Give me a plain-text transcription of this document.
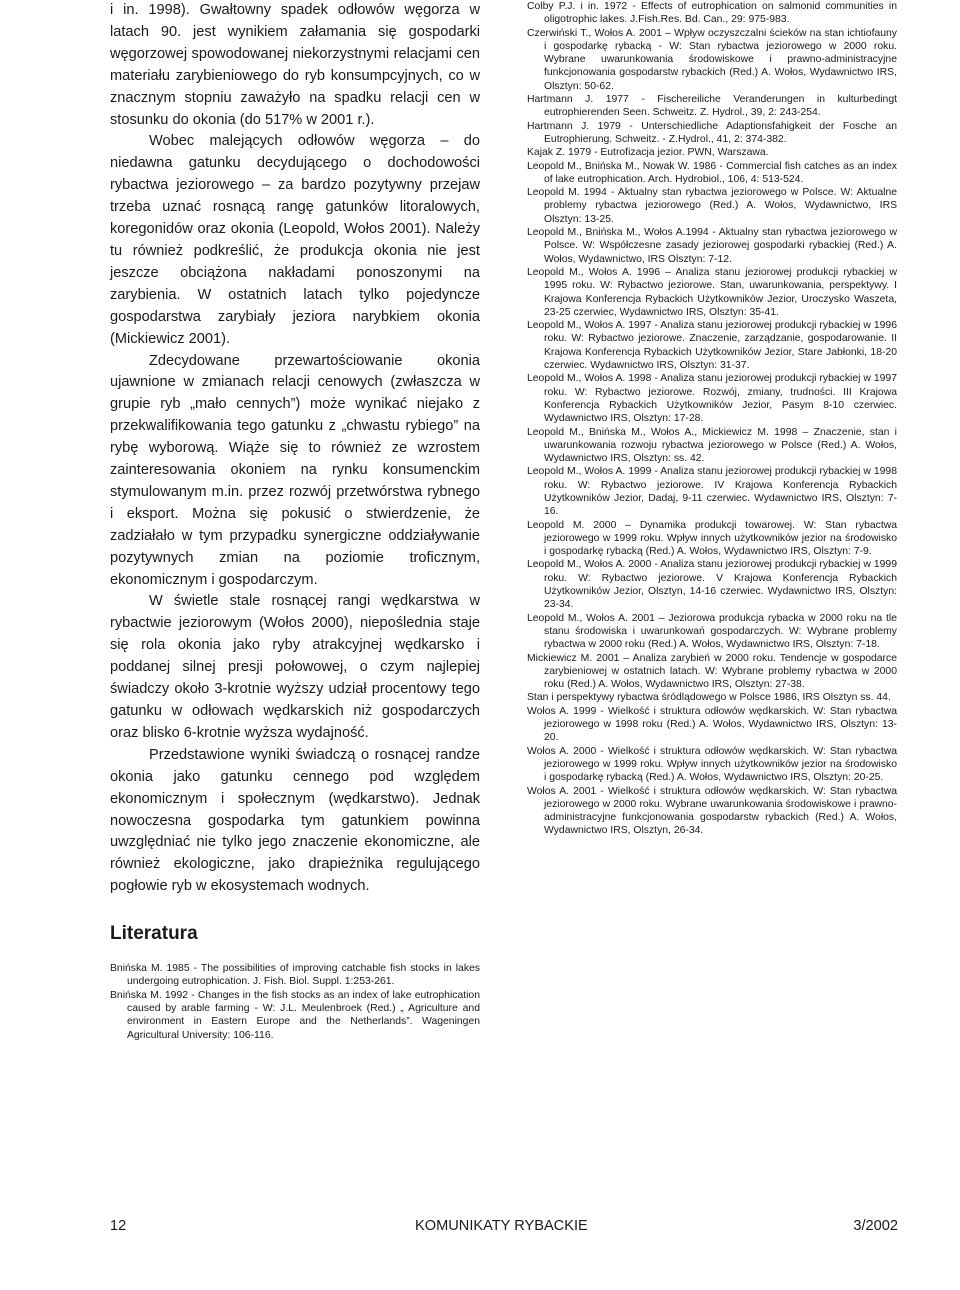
i in. 1998). Gwałtowny spadek odłowów węgorza w latach 90. jest wynikiem załamania się gospodarki węgorzowej spowodowanej niekorzystnymi relacjami cen materiału zarybieniowego do ryb konsumpcyjnych, co w znacznym stopniu zaważyło na spadku relacji cen w stosunku do okonia (do 517% w 2001 r.).

Wobec malejących odłowów węgorza – do niedawna gatunku decydującego o dochodowości rybactwa jeziorowego – za bardzo pozytywny przejaw trzeba uznać rosnącą rangę gatunków litoralowych, koregonidów oraz okonia (Leopold, Wołos 2001). Należy tu również podkreślić, że produkcja okonia nie jest jeszcze obciążona nakładami ponoszonymi na zarybienia. W ostatnich latach tylko pojedyncze gospodarstwa zarybiały jeziora narybkiem okonia (Mickiewicz 2001).

Zdecydowane przewartościowanie okonia ujawnione w zmianach relacji cenowych (zwłaszcza w grupie ryb „mało cennych”) może wynikać niejako z przekwalifikowania tego gatunku z „chwastu rybiego” na rybę wyborową. Wiąże się to również ze wzrostem zainteresowania okoniem na rynku konsumenckim stymulowanym m.in. przez rozwój przetwórstwa rybnego i eksport. Można się pokusić o stwierdzenie, że zadziałało w tym przypadku synergiczne oddziaływanie pozytywnych zmian na poziomie troficznym, ekonomicznym i gospodarczym.

W świetle stale rosnącej rangi wędkarstwa w rybactwie jeziorowym (Wołos 2000), niepoślednia staje się rola okonia jako ryby atrakcyjnej wędkarsko i poddanej silnej presji połowowej, o czym najlepiej świadczy około 3-krotnie wyższy udział procentowy tego gatunku w odłowach wędkarskich niż gospodarczych oraz blisko 6-krotnie wyższa wydajność.

Przedstawione wyniki świadczą o rosnącej randze okonia jako gatunku cennego pod względem ekonomicznym i społecznym (wędkarstwo). Jednak nowoczesna gospodarka tym gatunkiem powinna uwzględniać nie tylko jego znaczenie ekonomiczne, ale również ekologiczne, jako drapieżnika regulującego pogłowie ryb w ekosystemach wodnych.

Literatura

Bnińska M. 1985 - The possibilities of improving catchable fish stocks in lakes undergoing eutrophication. J. Fish. Biol. Suppl. 1:253-261.

Bnińska M. 1992 - Changes in the fish stocks as an index of lake eutrophication caused by arable farming - W: J.L. Meulenbroek (Red.) „ Agriculture and environment in Eastern Europe and the Netherlands”. Wageningen Agricultural University: 106-116.

Colby P.J. i in. 1972 - Effects of eutrophication on salmonid communities in oligotrophic lakes. J.Fish.Res. Bd. Can., 29: 975-983.

Czerwiński T., Wołos A. 2001 – Wpływ oczyszczalni ścieków na stan ichtiofauny i gospodarkę rybacką - W: Stan rybactwa jeziorowego w 2000 roku. Wybrane uwarunkowania środowiskowe i prawno-administracyjne funkcjonowania gospodarstw rybackich (Red.) A. Wołos, Wydawnictwo IRS, Olsztyn: 50-62.

Hartmann J. 1977 - Fischereiliche Veranderungen in kulturbedingt eutrophierenden Seen. Schweitz. Z. Hydrol., 39, 2: 243-254.

Hartmann J. 1979 - Unterschiedliche Adaptionsfahigkeit der Fosche an Eutrophierung. Schweitz. - Z.Hydrol., 41, 2: 374-382.

Kajak Z. 1979 - Eutrofizacja jezior. PWN, Warszawa.

Leopold M., Bnińska M., Nowak W. 1986 - Commercial fish catches as an index of lake eutrophication. Arch. Hydrobiol., 106, 4: 513-524.

Leopold M. 1994 - Aktualny stan rybactwa jeziorowego w Polsce. W: Aktualne problemy rybactwa jeziorowego (Red.) A. Wołos, Wydawnictwo, IRS Olsztyn: 13-25.

Leopold M., Bnińska M., Wołos A.1994 - Aktualny stan rybactwa jeziorowego w Polsce. W: Współczesne zasady jeziorowej gospodarki rybackiej (Red.) A. Wołos, Wydawnictwo, IRS Olsztyn: 7-12.

Leopold M., Wołos A. 1996 – Analiza stanu jeziorowej produkcji rybackiej w 1995 roku. W: Rybactwo jeziorowe. Stan, uwarunkowania, perspektywy. I Krajowa Konferencja Rybackich Użytkowników Jezior, Uroczysko Waszeta, 23-25 czerwiec, Wydawnictwo IRS, Olsztyn: 35-41.

Leopold M., Wołos A. 1997 - Analiza stanu jeziorowej produkcji rybackiej w 1996 roku. W: Rybactwo jeziorowe. Znaczenie, zarządzanie, gospodarowanie. II Krajowa Konferencja Rybackich Użytkowników Jezior, Stare Jabłonki, 18-20 czerwiec. Wydawnictwo IRS, Olsztyn: 31-37.

Leopold M., Wołos A. 1998 - Analiza stanu jeziorowej produkcji rybackiej w 1997 roku. W: Rybactwo jeziorowe. Rozwój, zmiany, trudności. III Krajowa Konferencja Rybackich Użytkowników Jezior, Pasym 8-10 czerwiec. Wydawnictwo IRS, Olsztyn: 17-28.

Leopold M., Bnińska M., Wołos A., Mickiewicz M. 1998 – Znaczenie, stan i uwarunkowania rozwoju rybactwa jeziorowego w Polsce (Red.) A. Wołos, Wydawnictwo IRS, Olsztyn: ss. 42.

Leopold M., Wołos A. 1999 - Analiza stanu jeziorowej produkcji rybackiej w 1998 roku. W: Rybactwo jeziorowe. IV Krajowa Konferencja Rybackich Użytkowników Jezior, Dadaj, 9-11 czerwiec. Wydawnictwo IRS, Olsztyn: 7-16.

Leopold M. 2000 – Dynamika produkcji towarowej. W: Stan rybactwa jeziorowego w 1999 roku. Wpływ innych użytkowników jezior na środowisko i gospodarkę rybacką (Red.) A. Wołos, Wydawnictwo IRS, Olsztyn: 7-9.

Leopold M., Wołos A. 2000 - Analiza stanu jeziorowej produkcji rybackiej w 1999 roku. W: Rybactwo jeziorowe. V Krajowa Konferencja Rybackich Użytkowników Jezior, Olsztyn, 14-16 czerwiec. Wydawnictwo IRS, Olsztyn: 23-34.

Leopold M., Wołos A. 2001 – Jeziorowa produkcja rybacka w 2000 roku na tle stanu środowiska i uwarunkowań gospodarczych. W: Wybrane problemy rybactwa w 2000 roku (Red.) A. Wołos, Wydawnictwo IRS, Olsztyn: 7-18.

Mickiewicz M. 2001 – Analiza zarybień w 2000 roku. Tendencje w gospodarce zarybieniowej w ostatnich latach. W: Wybrane problemy rybactwa w 2000 roku (Red.) A. Wołos, Wydawnictwo IRS, Olsztyn: 27-38.

Stan i perspektywy rybactwa śródlądowego w Polsce 1986, IRS Olsztyn ss. 44.

Wołos A. 1999 - Wielkość i struktura odłowów wędkarskich. W: Stan rybactwa jeziorowego w 1998 roku (Red.) A. Wołos, Wydawnictwo IRS, Olsztyn: 13-20.

Wołos A. 2000 - Wielkość i struktura odłowów wędkarskich. W: Stan rybactwa jeziorowego w 1999 roku. Wpływ innych użytkowników jezior na środowisko i gospodarkę rybacką (Red.) A. Wołos, Wydawnictwo IRS, Olsztyn: 20-25.

Wołos A. 2001 - Wielkość i struktura odłowów wędkarskich. W: Stan rybactwa jeziorowego w 2000 roku. Wybrane uwarunkowania środowiskowe i prawno-administracyjne funkcjonowania gospodarstw rybackich (Red.) A. Wołos, Wydawnictwo IRS, Olsztyn, 26-34.

12	KOMUNIKATY RYBACKIE	3/2002
